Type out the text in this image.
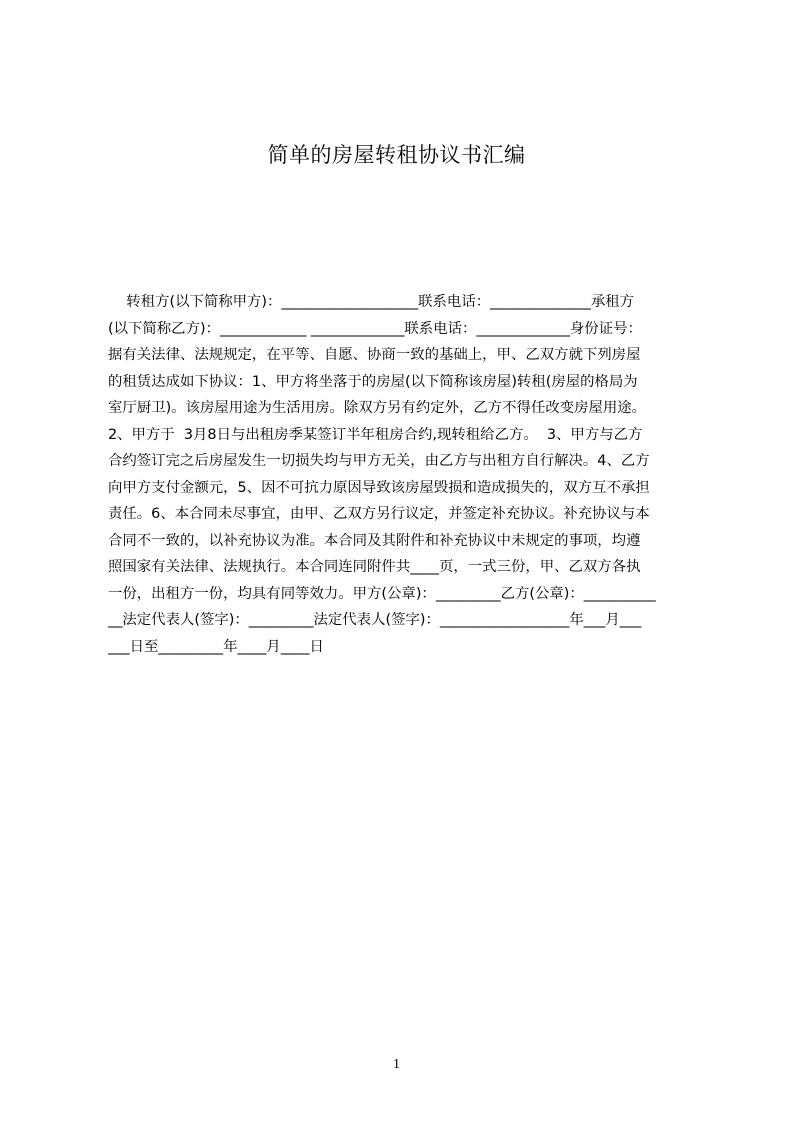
简单的房屋转租协议书汇编
转租方(以下简称甲方)：___________________联系电话：______________承租方
(以下简称乙方)：____________ _____________联系电话：_____________身份证号：
据有关法律、法规规定，在平等、自愿、协商一致的基础上，甲、乙双方就下列房屋
的租赁达成如下协议：1、甲方将坐落于的房屋(以下简称该房屋)转租(房屋的格局为
室厅厨卫)。该房屋用途为生活用房。除双方另有约定外，乙方不得任改变房屋用途。
2、甲方于  3月8日与出租房季某签订半年租房合约,现转租给乙方。  3、甲方与乙方
合约签订完之后房屋发生一切损失均与甲方无关，由乙方与出租方自行解决。4、乙方
向甲方支付金额元，5、因不可抗力原因导致该房屋毁损和造成损失的，双方互不承担
责任。6、本合同未尽事宜，由甲、乙双方另行议定，并签定补充协议。补充协议与本
合同不一致的，以补充协议为准。本合同及其附件和补充协议中未规定的事项，均遵
照国家有关法律、法规执行。本合同连同附件共____页，一式三份，甲、乙双方各执
一份，出租方一份，均具有同等效力。甲方(公章)：_________乙方(公章)：__________
__法定代表人(签字)：_________法定代表人(签字)：__________________年___月___
___日至_________年____月____日
1
